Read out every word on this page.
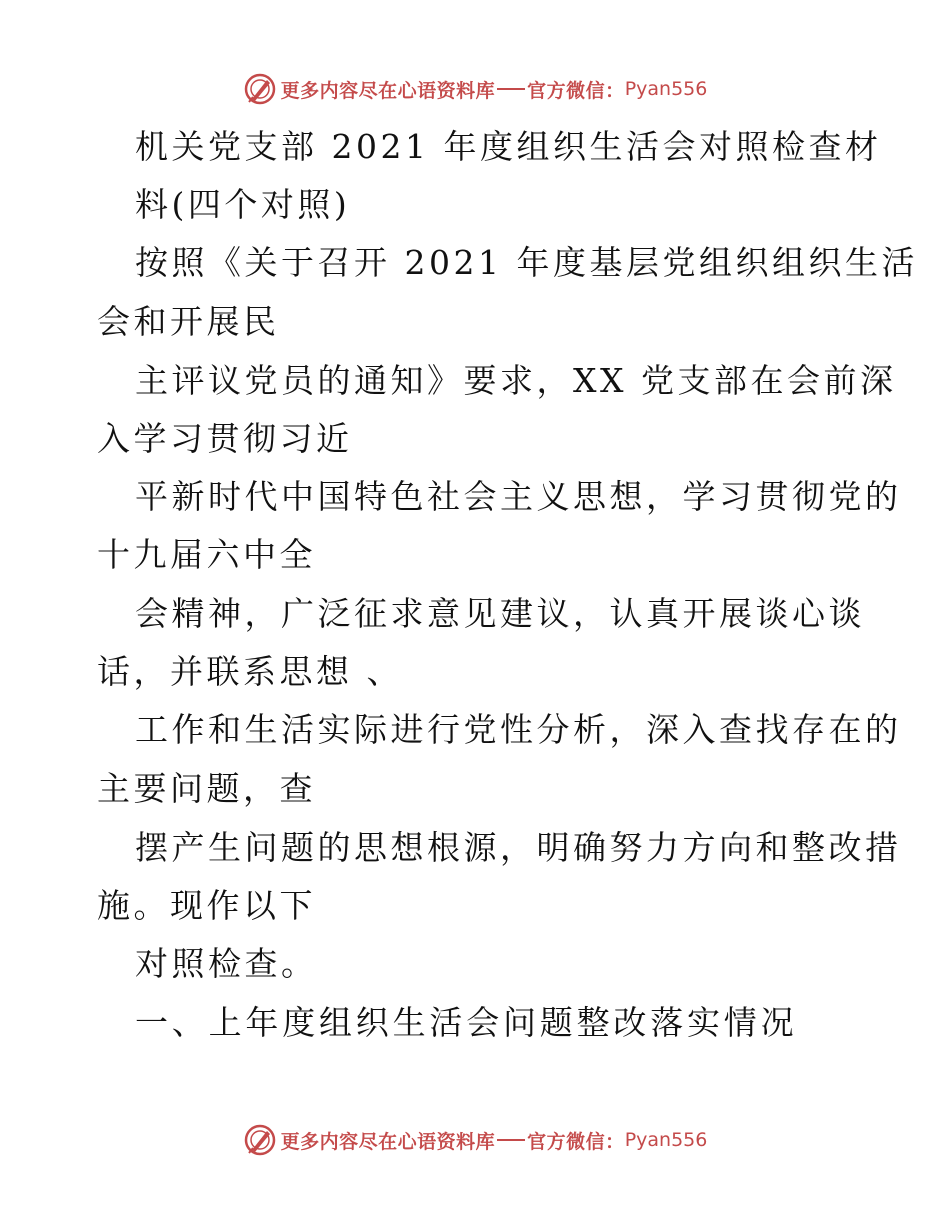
更多内容尽在心语资料库 官方微信： Pyan556
机关党支部 2021 年度组织生活会对照检查材
料(四个对照)
按照《关于召开 2021 年度基层党组织组织生活
会和开展民
主评议党员的通知》要求，XX 党支部在会前深
入学习贯彻习近
平新时代中国特色社会主义思想，学习贯彻党的
十九届六中全
会精神，广泛征求意见建议，认真开展谈心谈
话，并联系思想 、
工作和生活实际进行党性分析，深入查找存在的
主要问题，查
摆产生问题的思想根源，明确努力方向和整改措
施。现作以下
对照检查。
一、上年度组织生活会问题整改落实情况
更多内容尽在心语资料库 官方微信： Pyan556
